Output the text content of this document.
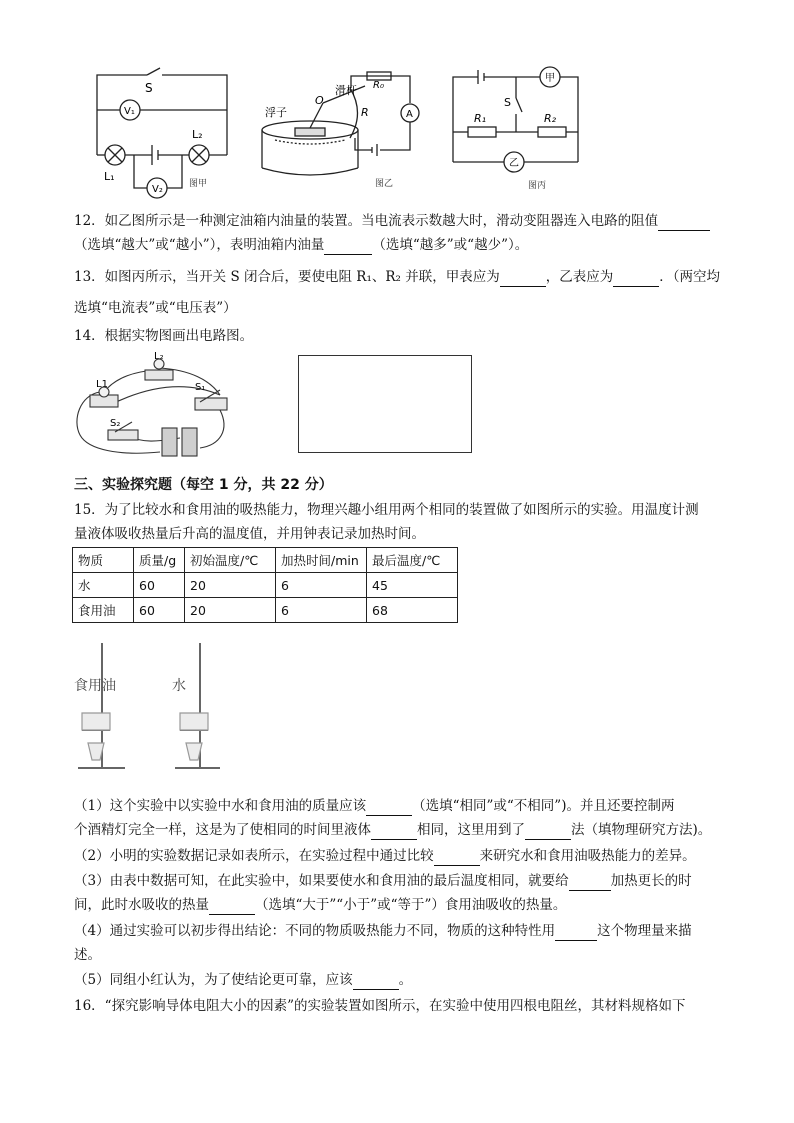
S
V₁
V₂
L₁
L₂
图甲
浮子
O
滑杆
R
R₀
A
图乙
甲
乙
R₁	R₂
S
图丙
12．如乙图所示是一种测定油箱内油量的装置。当电流表示数越大时，滑动变阻器连入电路的阻值
（选填“越大”或“越小”），表明油箱内油量	（选填“越多”或“越少”）。
13．如图丙所示，当开关 S 闭合后，要使电阻 R₁、R₂ 并联，甲表应为	，乙表应为	．（两空均
选填“电流表”或“电压表”）
14．根据实物图画出电路图。
L₂
L1	S₁
S₂
三、实验探究题（每空 1 分，共 22 分）
15．为了比较水和食用油的吸热能力，物理兴趣小组用两个相同的装置做了如图所示的实验。用温度计测
量液体吸收热量后升高的温度值，并用钟表记录加热时间。
物质	质量/g	初始温度/℃	加热时间/min	最后温度/℃
水	60	20	6	45
食用油	60	20	6	68
食用油	水
（1）这个实验中以实验中水和食用油的质量应该	（选填“相同”或“不相同”)。并且还要控制两
个酒精灯完全一样，这是为了使相同的时间里液体	相同，这里用到了	法（填物理研究方法)。
（2）小明的实验数据记录如表所示，在实验过程中通过比较	来研究水和食用油吸热能力的差异。
（3）由表中数据可知，在此实验中，如果要使水和食用油的最后温度相同，就要给	加热更长的时
间，此时水吸收的热量	（选填“大于”“小于”或“等于”）食用油吸收的热量。
（4）通过实验可以初步得出结论：不同的物质吸热能力不同，物质的这种特性用	这个物理量来描
述。
（5）同组小红认为，为了使结论更可靠，应该	。
16．“探究影响导体电阻大小的因素”的实验装置如图所示，在实验中使用四根电阻丝，其材料规格如下
